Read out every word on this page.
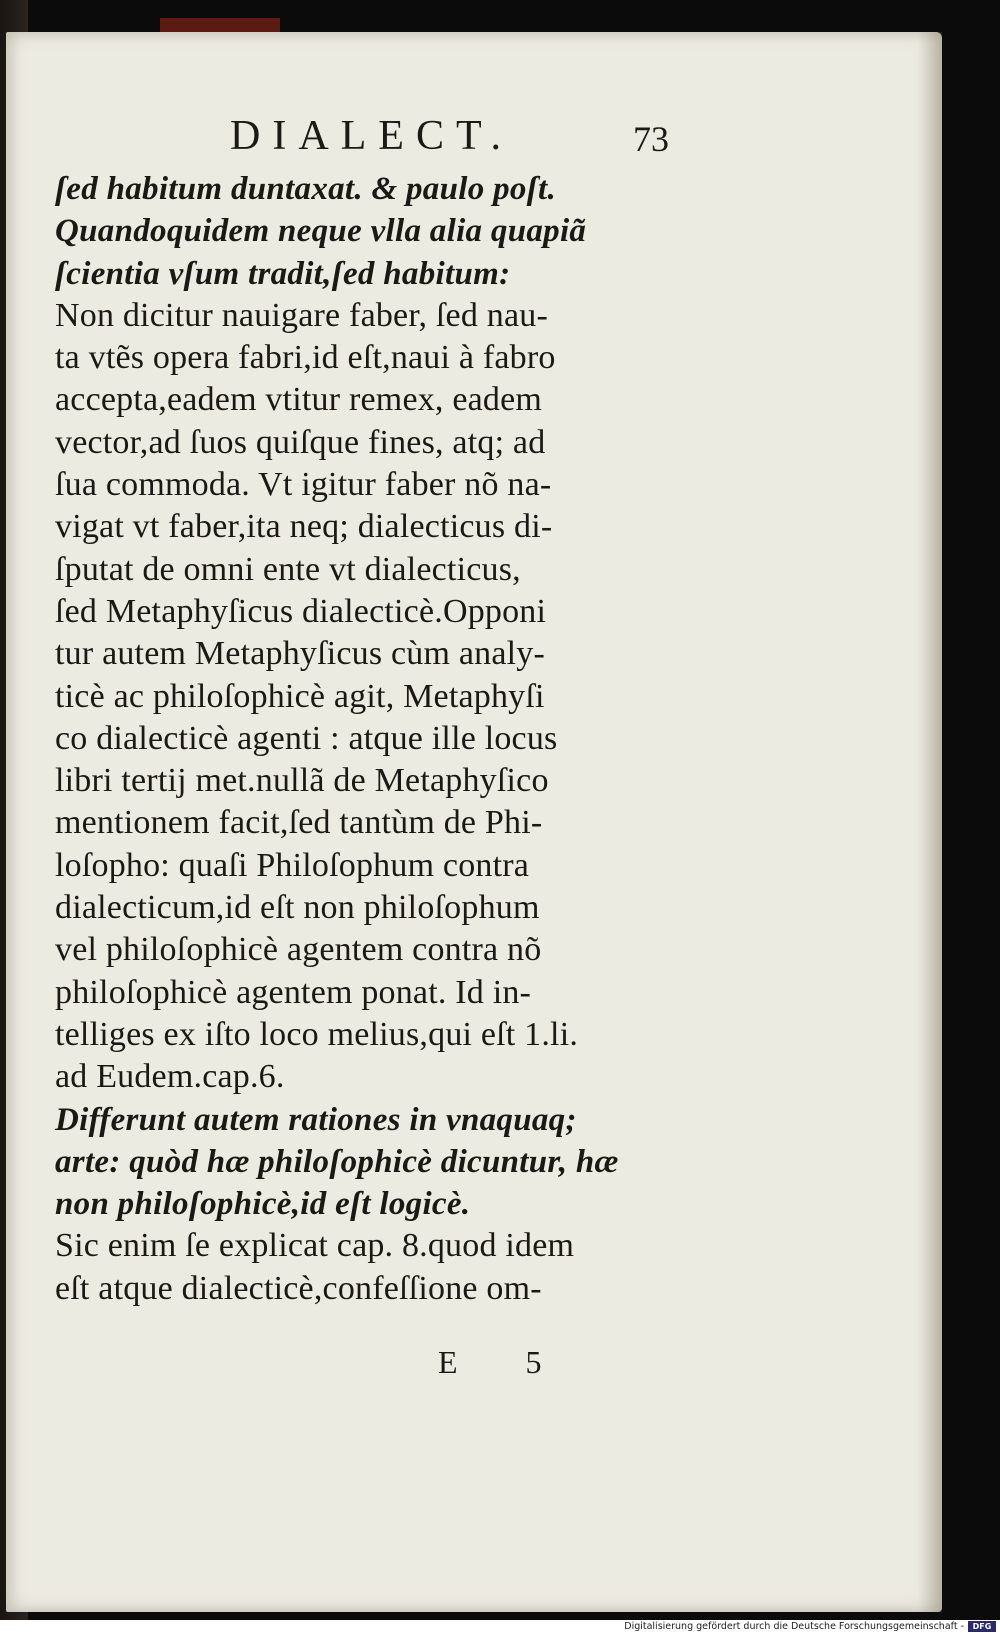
DIALECT.	73
ſed habitum duntaxat. & paulo poſt.
Quandoquidem neque vlla alia quapiã
ſcientia vſum tradit,ſed habitum:
Non dicitur nauigare faber, ſed nau-
ta vtẽs opera fabri,id eſt,naui à fabro
accepta,eadem vtitur remex, eadem
vector,ad ſuos quiſque fines, atq; ad
ſua commoda. Vt igitur faber nõ na-
vigat vt faber,ita neq; dialecticus di-
ſputat de omni ente vt dialecticus,
ſed Metaphyſicus dialecticè.Opponi
tur autem Metaphyſicus cùm analy-
ticè ac philoſophicè agit, Metaphyſi
co dialecticè agenti : atque ille locus
libri tertij met.nullã de Metaphyſico
mentionem facit,ſed tantùm de Phi-
loſopho: quaſi Philoſophum contra
dialecticum,id eſt non philoſophum
vel philoſophicè agentem contra nõ
philoſophicè agentem ponat. Id in-
telliges ex iſto loco melius,qui eſt 1.li.
ad Eudem.cap.6.
Differunt autem rationes in vnaquaq;
arte: quòd hæ philoſophicè dicuntur, hæ
non philoſophicè,id eſt logicè.
Sic enim ſe explicat cap. 8.quod idem
eſt atque dialecticè,confeſſione om-
E 5
Digitalisierung gefördert durch die Deutsche Forschungsgemeinschaft -	DFG
